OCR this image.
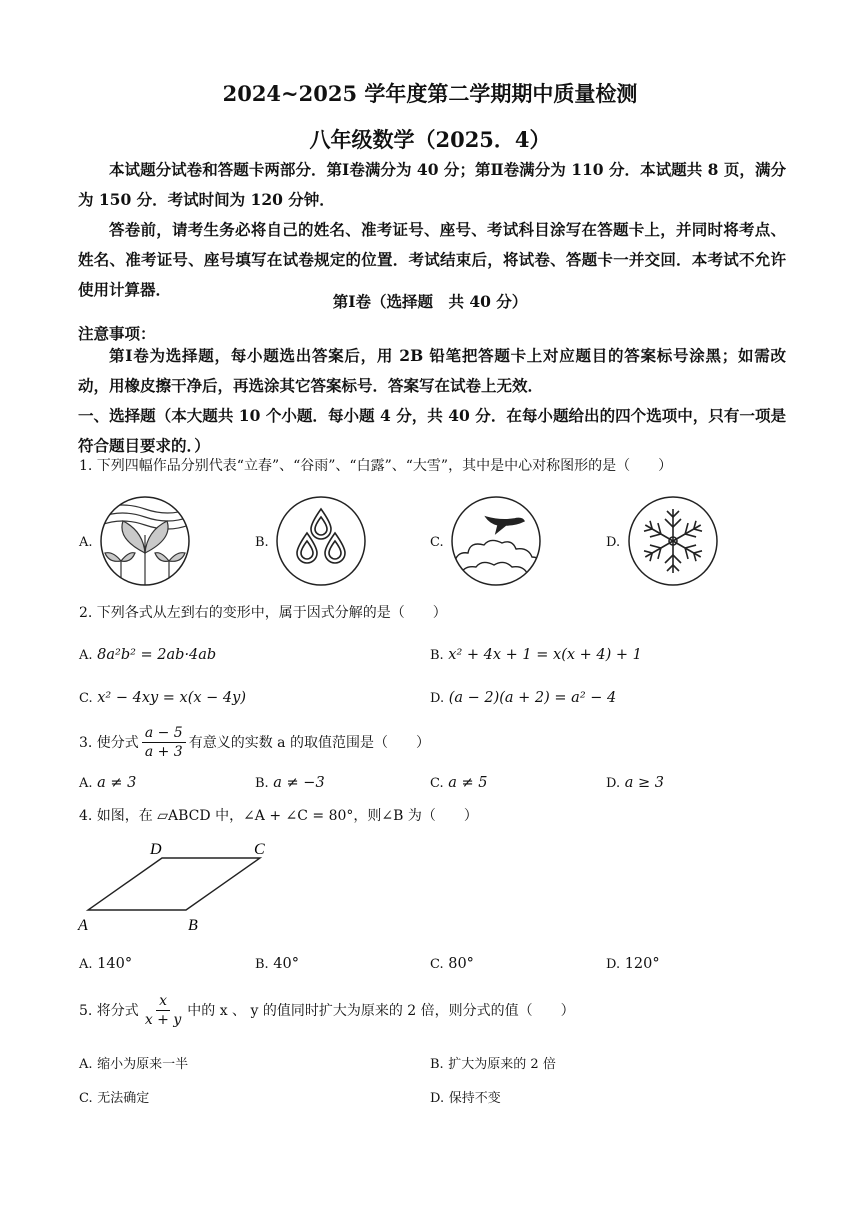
2024~2025 学年度第二学期期中质量检测
八年级数学（2025．4）
本试题分试卷和答题卡两部分．第Ⅰ卷满分为 40 分；第Ⅱ卷满分为 110 分．本试题共 8 页，满分为 150 分．考试时间为 120 分钟．
答卷前，请考生务必将自己的姓名、准考证号、座号、考试科目涂写在答题卡上，并同时将考点、姓名、准考证号、座号填写在试卷规定的位置．考试结束后，将试卷、答题卡一并交回．本考试不允许使用计算器．
第Ⅰ卷（选择题　共 40 分）
注意事项：
第Ⅰ卷为选择题，每小题选出答案后，用 2B 铅笔把答题卡上对应题目的答案标号涂黑；如需改动，用橡皮擦干净后，再选涂其它答案标号．答案写在试卷上无效．
一、选择题（本大题共 10 个小题．每小题 4 分，共 40 分．在每小题给出的四个选项中，只有一项是符合题目要求的．）
1. 下列四幅作品分别代表“立春”、“谷雨”、“白露”、“大雪”，其中是中心对称图形的是（　　）
A.	B.	C.	D.
2. 下列各式从左到右的变形中，属于因式分解的是（　　）
A. 8a²b² = 2ab·4ab	B. x² + 4x + 1 = x(x + 4) + 1
C. x² − 4xy = x(x − 4y)	D. (a − 2)(a + 2) = a² − 4
3. 使分式 $\frac{a - 5}{a + 3}$ 有意义的实数 a 的取值范围是（　　）
A. a ≠ 3	B. a ≠ −3	C. a ≠ 5	D. a ≥ 3
4. 如图，在 ▱ABCD 中，∠A + ∠C = 80°，则∠B 为（　　）
A	B
C
D
A. 140°	B. 40°	C. 80°	D. 120°
5. 将分式 $\frac{x}{x + y}$ 中的 x 、 y 的值同时扩大为原来的 2 倍，则分式的值（　　）
A. 缩小为原来一半	B. 扩大为原来的 2 倍
C. 无法确定	D. 保持不变
